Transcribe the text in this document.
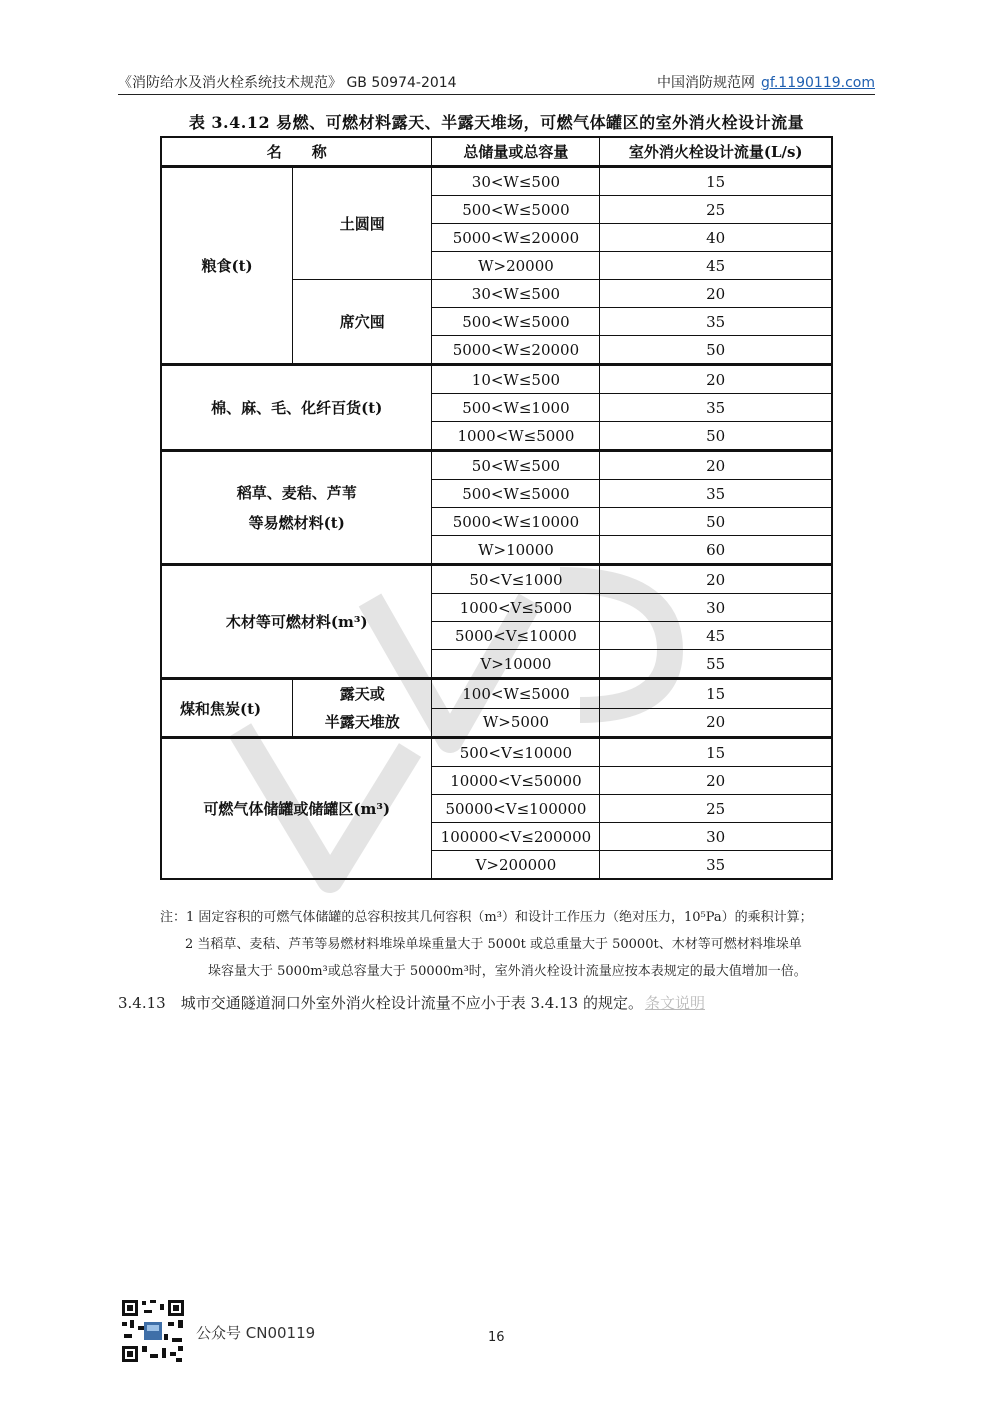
《消防给水及消火栓系统技术规范》 GB 50974-2014	中国消防规范网 gf.1190119.com
表 3.4.12 易燃、可燃材料露天、半露天堆场，可燃气体罐区的室外消火栓设计流量
名　　称		总储量或总容量	室外消火栓设计流量(L/s)
粮食(t)	土圆囤	30<W≤500	15
		500<W≤5000	25
		5000<W≤20000	40
		W>20000	45
	席穴囤	30<W≤500	20
		500<W≤5000	35
		5000<W≤20000	50
棉、麻、毛、化纤百货(t)		10<W≤500	20
		500<W≤1000	35
		1000<W≤5000	50

稻草、麦秸、芦苇
等易燃材料(t)		50<W≤500	20
		500<W≤5000	35
		5000<W≤10000	50
		W>10000	60
木材等可燃材料(m³)		50<V≤1000	20
		1000<V≤5000	30
		5000<V≤10000	45
		V>10000	55
煤和焦炭(t)	露天或
半露天堆放	100<W≤5000	15
		W>5000	20
可燃气体储罐或储罐区(m³)		500<V≤10000	15
		10000<V≤50000	20
		50000<V≤100000	25
		100000<V≤200000	30
		V>200000	35
注：1 固定容积的可燃气体储罐的总容积按其几何容积（m³）和设计工作压力（绝对压力，10⁵Pa）的乘积计算；
2 当稻草、麦秸、芦苇等易燃材料堆垛单垛重量大于 5000t 或总重量大于 50000t、木材等可燃材料堆垛单
垛容量大于 5000m³或总容量大于 50000m³时，室外消火栓设计流量应按本表规定的最大值增加一倍。
3.4.13　城市交通隧道洞口外室外消火栓设计流量不应小于表 3.4.13 的规定。 条文说明
公众号 CN00119	16
